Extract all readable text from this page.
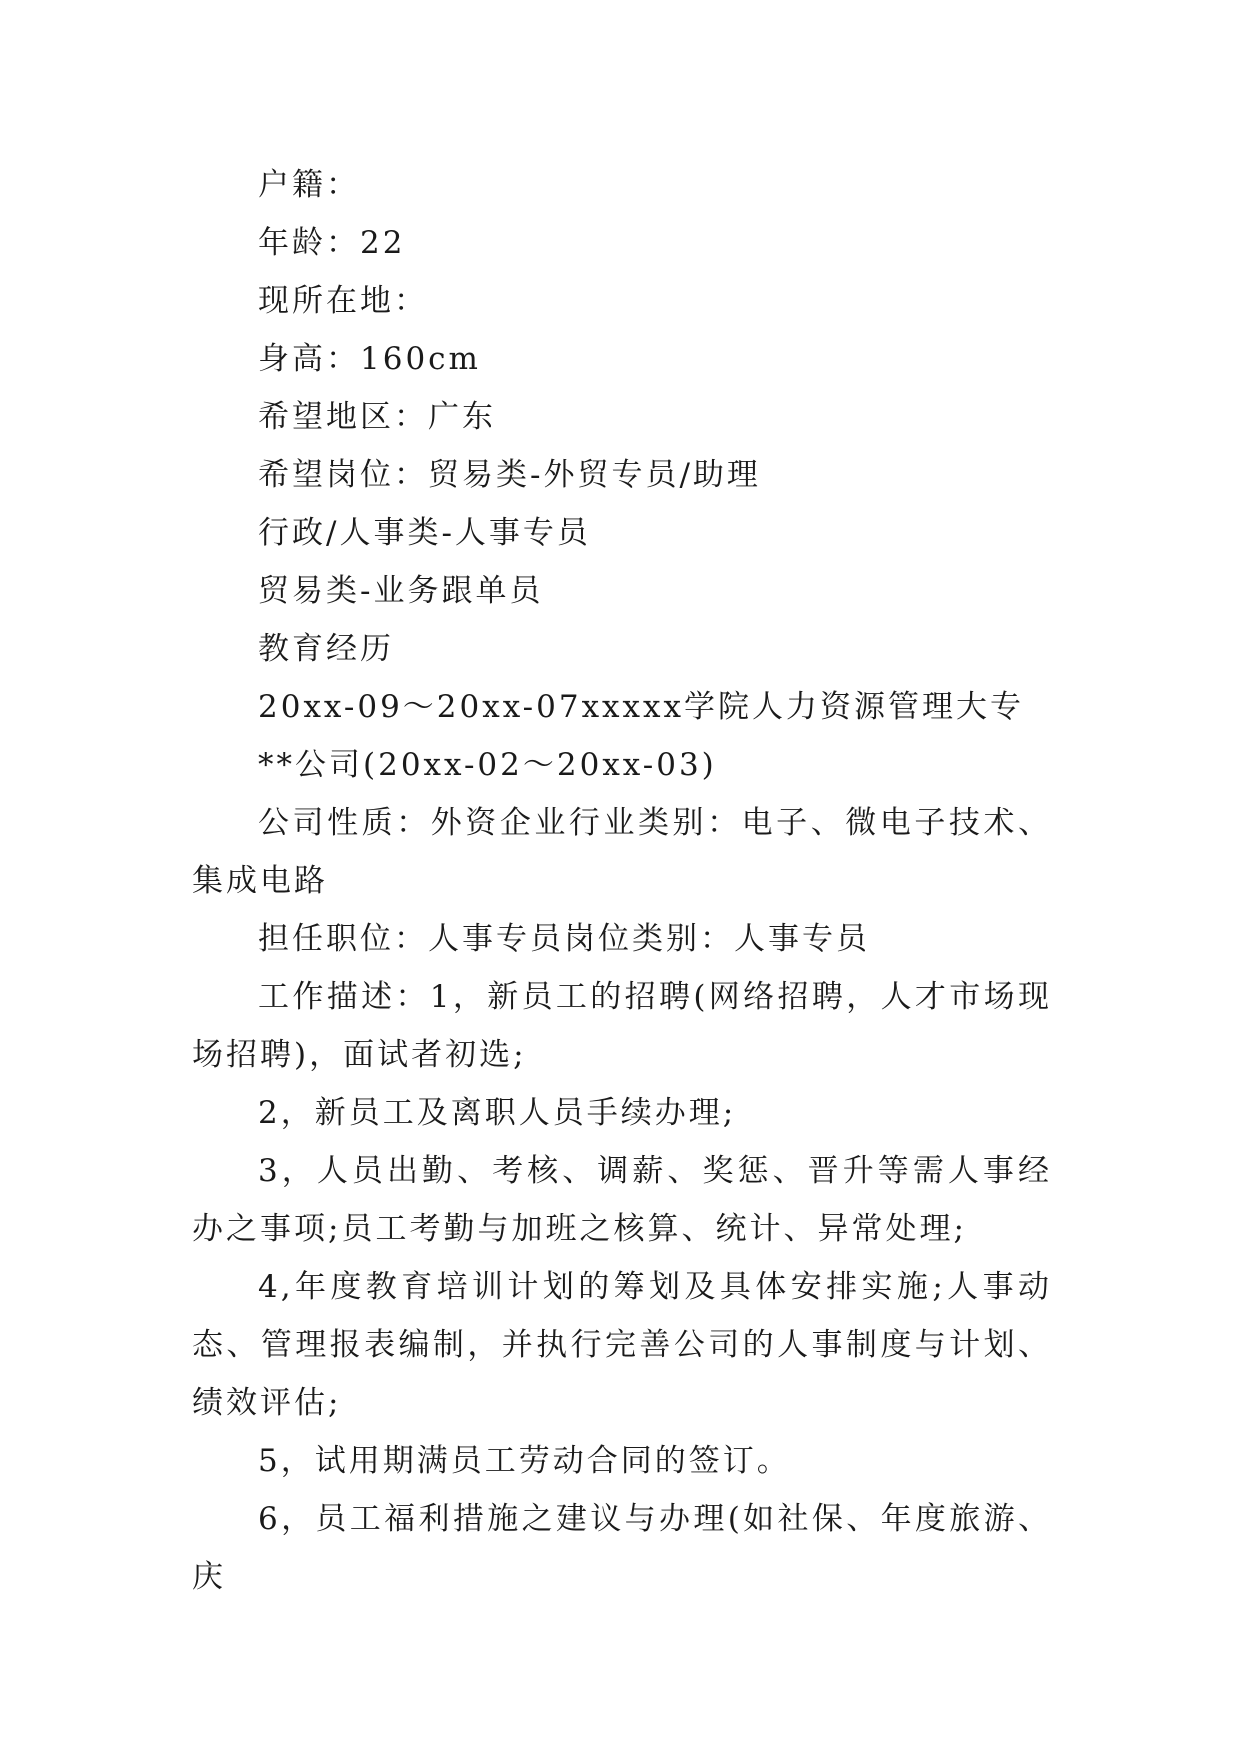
户籍：

年龄：22

现所在地：

身高：160cm

希望地区：广东

希望岗位：贸易类-外贸专员/助理

行政/人事类-人事专员

贸易类-业务跟单员

教育经历

20xx-09～20xx-07xxxxx学院人力资源管理大专

**公司(20xx-02～20xx-03)

公司性质：外资企业行业类别：电子、微电子技术、集成电路

担任职位：人事专员岗位类别：人事专员

工作描述：1，新员工的招聘(网络招聘，人才市场现场招聘)，面试者初选;

2，新员工及离职人员手续办理;

3，人员出勤、考核、调薪、奖惩、晋升等需人事经办之事项;员工考勤与加班之核算、统计、异常处理;

4,年度教育培训计划的筹划及具体安排实施;人事动态、管理报表编制，并执行完善公司的人事制度与计划、绩效评估;

5，试用期满员工劳动合同的签订。

6，员工福利措施之建议与办理(如社保、年度旅游、庆
